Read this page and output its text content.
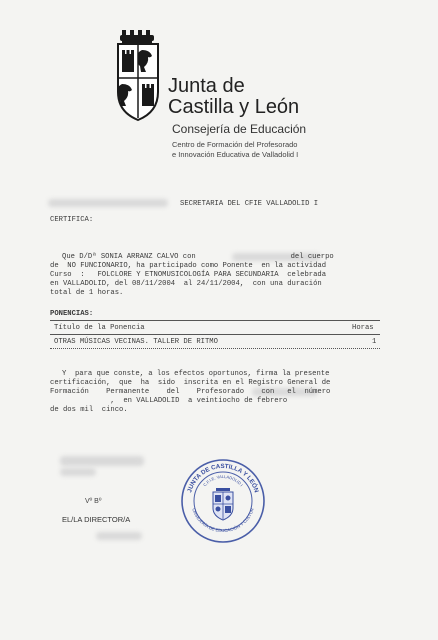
Junta de
Castilla y León
Consejería de Educación
Centro de Formación del Profesorado
e Innovación Educativa de Valladolid I
SECRETARIA DEL CFIE VALLADOLID I
CERTIFICA:
Que D/Dª SONIA ARRANZ CALVO con                      del cuerpo
de  NO FUNCIONARIO, ha participado como Ponente  en la actividad
Curso  :   FOLCLORE Y ETNOMUSICOLOGÍA PARA SECUNDARIA  celebrada
en VALLADOLID, del 08/11/2004  al 24/11/2004,  con una duración
total de 1 horas.
PONENCIAS:
Título de la Ponencia	Horas
OTRAS MÚSICAS VECINAS. TALLER DE RITMO	1
Y  para que conste, a los efectos oportunos, firma la presente
certificación,  que  ha  sido  inscrita en el Registro General de
Formación    Permanente    del    Profesorado    con   el  número
,  en VALLADOLID  a veintiocho de febrero
de dos mil  cinco.
Vº Bº
EL/LA DIRECTOR/A
JUNTA DE CASTILLA Y LEÓN
ONSEJERÍA DE EDUCACIÓN Y CULTUR
C.F.I.E. VALLADOLID I
